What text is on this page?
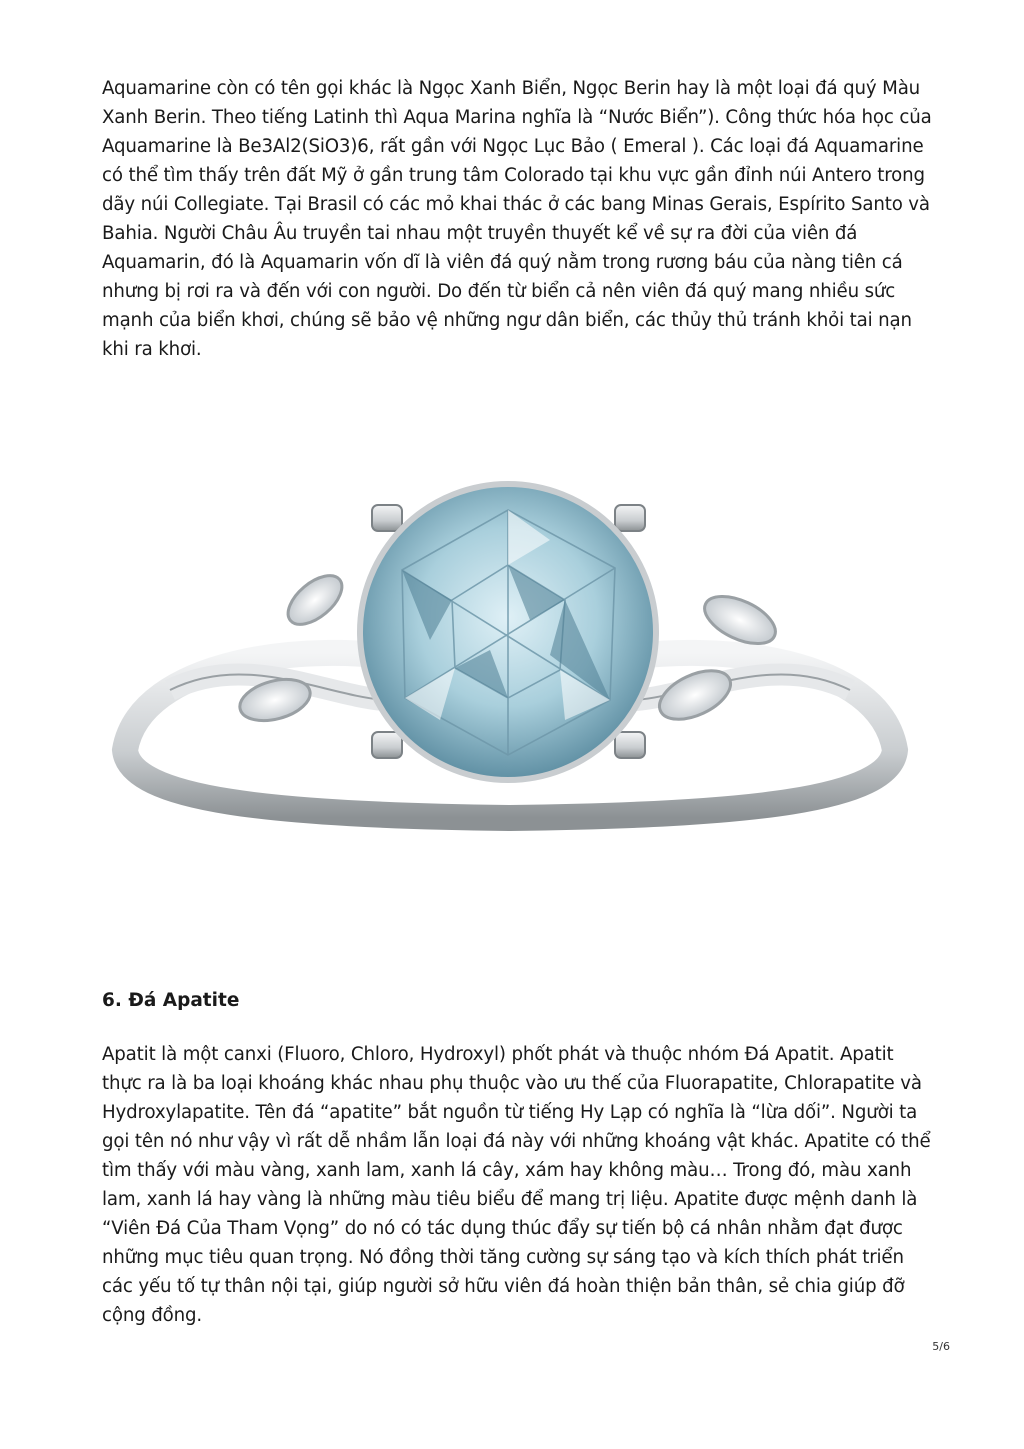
Aquamarine còn có tên gọi khác là Ngọc Xanh Biển, Ngọc Berin hay là một loại đá quý Màu Xanh Berin. Theo tiếng Latinh thì Aqua Marina nghĩa là “Nước Biển”). Công thức hóa học của Aquamarine là Be3Al2(SiO3)6, rất gần với Ngọc Lục Bảo ( Emeral ). Các loại đá Aquamarine có thể tìm thấy trên đất Mỹ ở gần trung tâm Colorado tại khu vực gần đỉnh núi Antero trong dãy núi Collegiate. Tại Brasil có các mỏ khai thác ở các bang Minas Gerais, Espírito Santo và Bahia. Người Châu Âu truyền tai nhau một truyền thuyết kể về sự ra đời của viên đá Aquamarin, đó là Aquamarin vốn dĩ là viên đá quý nằm trong rương báu của nàng tiên cá nhưng bị rơi ra và đến với con người. Do đến từ biển cả nên viên đá quý mang nhiều sức mạnh của biển khơi, chúng sẽ bảo vệ những ngư dân biển, các thủy thủ tránh khỏi tai nạn khi ra khơi.

6. Đá Apatite

Apatit là một canxi (Fluoro, Chloro, Hydroxyl) phốt phát và thuộc nhóm Đá Apatit. Apatit thực ra là ba loại khoáng khác nhau phụ thuộc vào ưu thế của Fluorapatite, Chlorapatite và Hydroxylapatite. Tên đá “apatite” bắt nguồn từ tiếng Hy Lạp có nghĩa là “lừa dối”. Người ta gọi tên nó như vậy vì rất dễ nhầm lẫn loại đá này với những khoáng vật khác. Apatite có thể tìm thấy với màu vàng, xanh lam, xanh lá cây, xám hay không màu… Trong đó, màu xanh lam, xanh lá hay vàng là những màu tiêu biểu để mang trị liệu. Apatite được mệnh danh là “Viên Đá Của Tham Vọng” do nó có tác dụng thúc đẩy sự tiến bộ cá nhân nhằm đạt được những mục tiêu quan trọng. Nó đồng thời tăng cường sự sáng tạo và kích thích phát triển các yếu tố tự thân nội tại, giúp người sở hữu viên đá hoàn thiện bản thân, sẻ chia giúp đỡ cộng đồng.

5/6
